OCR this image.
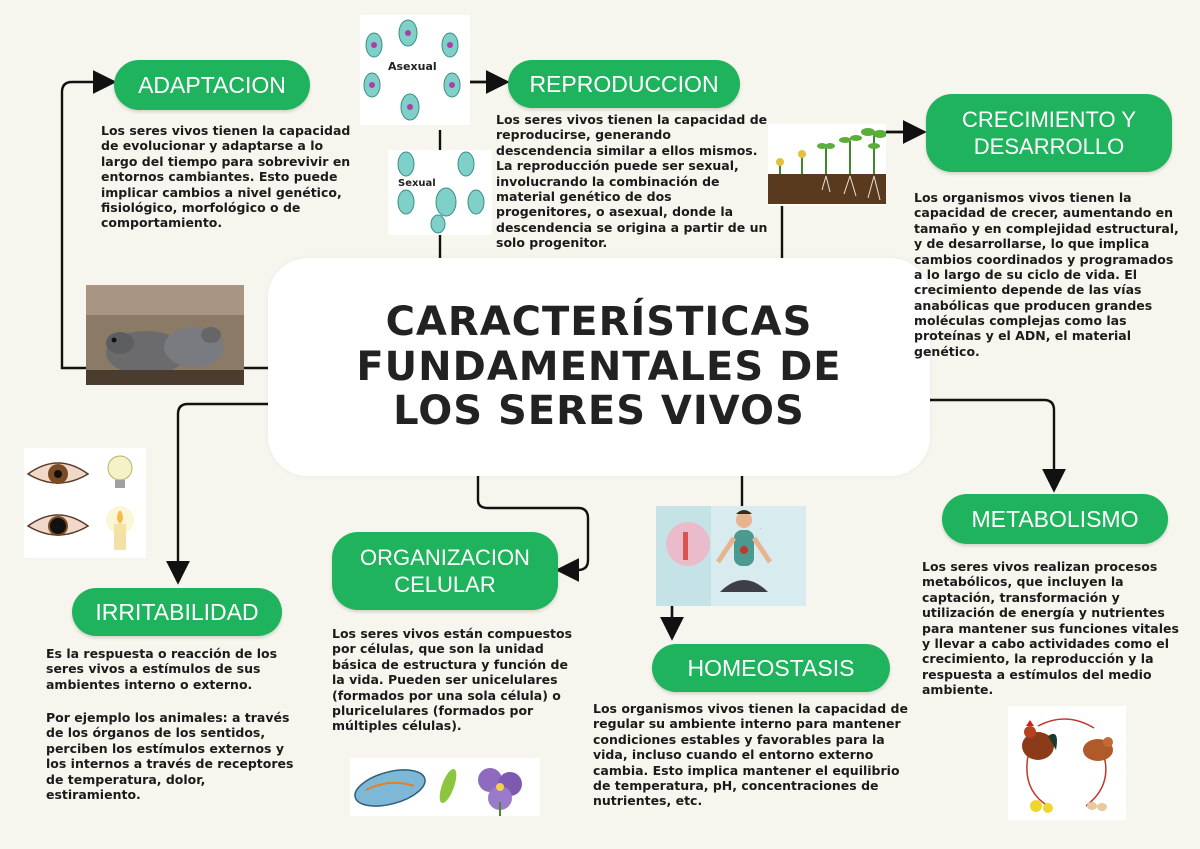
CARACTERÍSTICAS
FUNDAMENTALES DE
LOS SERES VIVOS
ADAPTACION
Los seres vivos tienen la capacidad de evolucionar y adaptarse a lo largo del tiempo para sobrevivir en entornos cambiantes. Esto puede implicar cambios a nivel genético, fisiológico, morfológico o de comportamiento.
Asexual
Sexual
REPRODUCCION
Los seres vivos tienen la capacidad de reproducirse, generando descendencia similar a ellos mismos. La reproducción puede ser sexual, involucrando la combinación de material genético de dos progenitores, o asexual, donde la descendencia se origina a partir de un solo progenitor.
CRECIMIENTO Y
DESARROLLO
Los organismos vivos tienen la capacidad de crecer, aumentando en tamaño y en complejidad estructural, y de desarrollarse, lo que implica cambios coordinados y programados a lo largo de su ciclo de vida. El crecimiento depende de las vías anabólicas que producen grandes moléculas complejas como las proteínas y el ADN, el material genético.
METABOLISMO
Los seres vivos realizan procesos metabólicos, que incluyen la captación, transformación y utilización de energía y nutrientes para mantener sus funciones vitales y llevar a cabo actividades como el crecimiento, la reproducción y la respuesta a estímulos del medio ambiente.
·
HOMEOSTASIS
Los organismos vivos tienen la capacidad de regular su ambiente interno para mantener condiciones estables y favorables para la vida, incluso cuando el entorno externo cambia. Esto implica mantener el equilibrio de temperatura, pH, concentraciones de nutrientes, etc.
ORGANIZACION
CELULAR
Los seres vivos están compuestos por células, que son la unidad básica de estructura y función de la vida. Pueden ser unicelulares (formados por una sola célula) o pluricelulares (formados por múltiples células).
IRRITABILIDAD
Es la respuesta o reacción de los seres vivos a estímulos de sus ambientes interno o externo.
Por ejemplo los animales: a través de los órganos de los sentidos, perciben los estímulos externos y los internos a través de receptores de temperatura, dolor, estiramiento.
